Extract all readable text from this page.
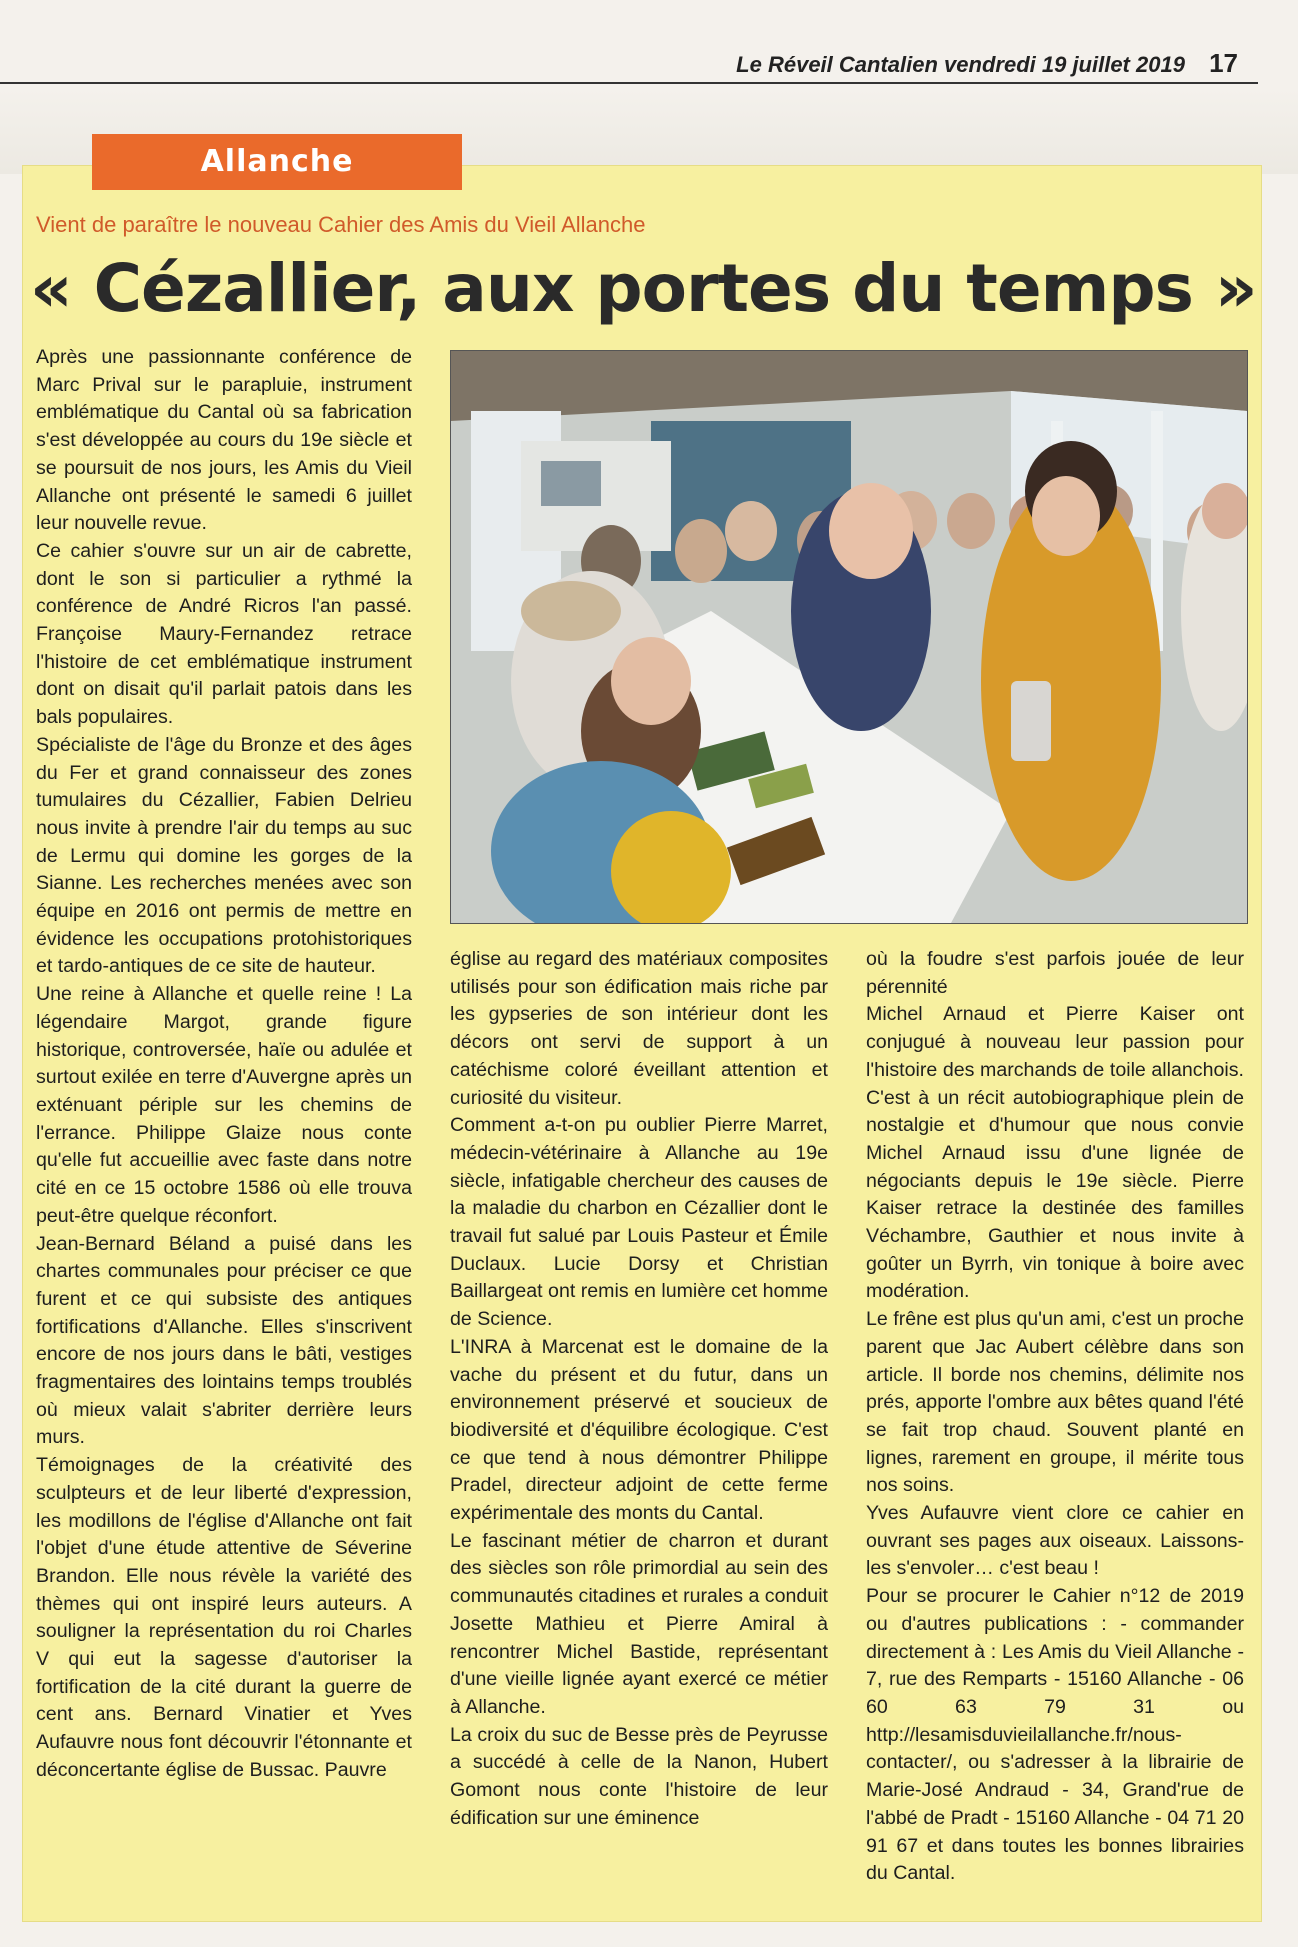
Le Réveil Cantalien vendredi 19 juillet 2019 17
Allanche
Vient de paraître le nouveau Cahier des Amis du Vieil Allanche
« Cézallier, aux portes du temps »

Après une passionnante conférence de Marc Prival sur le parapluie, instrument emblématique du Cantal où sa fabrication s'est développée au cours du 19e siècle et se poursuit de nos jours, les Amis du Vieil Allanche ont présenté le samedi 6 juillet leur nouvelle revue.

Ce cahier s'ouvre sur un air de cabrette, dont le son si particulier a rythmé la conférence de André Ricros l'an passé. Françoise Maury-Fernandez retrace l'histoire de cet emblématique instrument dont on disait qu'il parlait patois dans les bals populaires.

Spécialiste de l'âge du Bronze et des âges du Fer et grand connaisseur des zones tumulaires du Cézallier, Fabien Delrieu nous invite à prendre l'air du temps au suc de Lermu qui domine les gorges de la Sianne. Les recherches menées avec son équipe en 2016 ont permis de mettre en évidence les occupations protohistoriques et tardo-antiques de ce site de hauteur.

Une reine à Allanche et quelle reine ! La légendaire Margot, grande figure historique, controversée, haïe ou adulée et surtout exilée en terre d'Auvergne après un exténuant périple sur les chemins de l'errance. Philippe Glaize nous conte qu'elle fut accueillie avec faste dans notre cité en ce 15 octobre 1586 où elle trouva peut-être quelque réconfort.

Jean-Bernard Béland a puisé dans les chartes communales pour préciser ce que furent et ce qui subsiste des antiques fortifications d'Allanche. Elles s'inscrivent encore de nos jours dans le bâti, vestiges fragmentaires des lointains temps troublés où mieux valait s'abriter derrière leurs murs.

Témoignages de la créativité des sculpteurs et de leur liberté d'expression, les modillons de l'église d'Allanche ont fait l'objet d'une étude attentive de Séverine Brandon. Elle nous révèle la variété des thèmes qui ont inspiré leurs auteurs. A souligner la représentation du roi Charles V qui eut la sagesse d'autoriser la fortification de la cité durant la guerre de cent ans. Bernard Vinatier et Yves Aufauvre nous font découvrir l'étonnante et déconcertante église de Bussac. Pauvre

église au regard des matériaux composites utilisés pour son édification mais riche par les gypseries de son intérieur dont les décors ont servi de support à un catéchisme coloré éveillant attention et curiosité du visiteur.

Comment a-t-on pu oublier Pierre Marret, médecin-vétérinaire à Allanche au 19e siècle, infatigable chercheur des causes de la maladie du charbon en Cézallier dont le travail fut salué par Louis Pasteur et Émile Duclaux. Lucie Dorsy et Christian Baillargeat ont remis en lumière cet homme de Science.

L'INRA à Marcenat est le domaine de la vache du présent et du futur, dans un environnement préservé et soucieux de biodiversité et d'équilibre écologique. C'est ce que tend à nous démontrer Philippe Pradel, directeur adjoint de cette ferme expérimentale des monts du Cantal.

Le fascinant métier de charron et durant des siècles son rôle primordial au sein des communautés citadines et rurales a conduit Josette Mathieu et Pierre Amiral à rencontrer Michel Bastide, représentant d'une vieille lignée ayant exercé ce métier à Allanche.

La croix du suc de Besse près de Peyrusse a succédé à celle de la Nanon, Hubert Gomont nous conte l'histoire de leur édification sur une éminence

où la foudre s'est parfois jouée de leur pérennité

Michel Arnaud et Pierre Kaiser ont conjugué à nouveau leur passion pour l'histoire des marchands de toile allanchois. C'est à un récit autobiographique plein de nostalgie et d'humour que nous convie Michel Arnaud issu d'une lignée de négociants depuis le 19e siècle. Pierre Kaiser retrace la destinée des familles Véchambre, Gauthier et nous invite à goûter un Byrrh, vin tonique à boire avec modération.

Le frêne est plus qu'un ami, c'est un proche parent que Jac Aubert célèbre dans son article. Il borde nos chemins, délimite nos prés, apporte l'ombre aux bêtes quand l'été se fait trop chaud. Souvent planté en lignes, rarement en groupe, il mérite tous nos soins.

Yves Aufauvre vient clore ce cahier en ouvrant ses pages aux oiseaux. Laissons-les s'envoler… c'est beau !

Pour se procurer le Cahier n°12 de 2019 ou d'autres publications : - commander directement à : Les Amis du Vieil Allanche - 7, rue des Remparts - 15160 Allanche - 06 60 63 79 31 ou http://lesamisduvieilallanche.fr/nous-contacter/, ou s'adresser à la librairie de Marie-José Andraud - 34, Grand'rue de l'abbé de Pradt - 15160 Allanche - 04 71 20 91 67 et dans toutes les bonnes librairies du Cantal.
